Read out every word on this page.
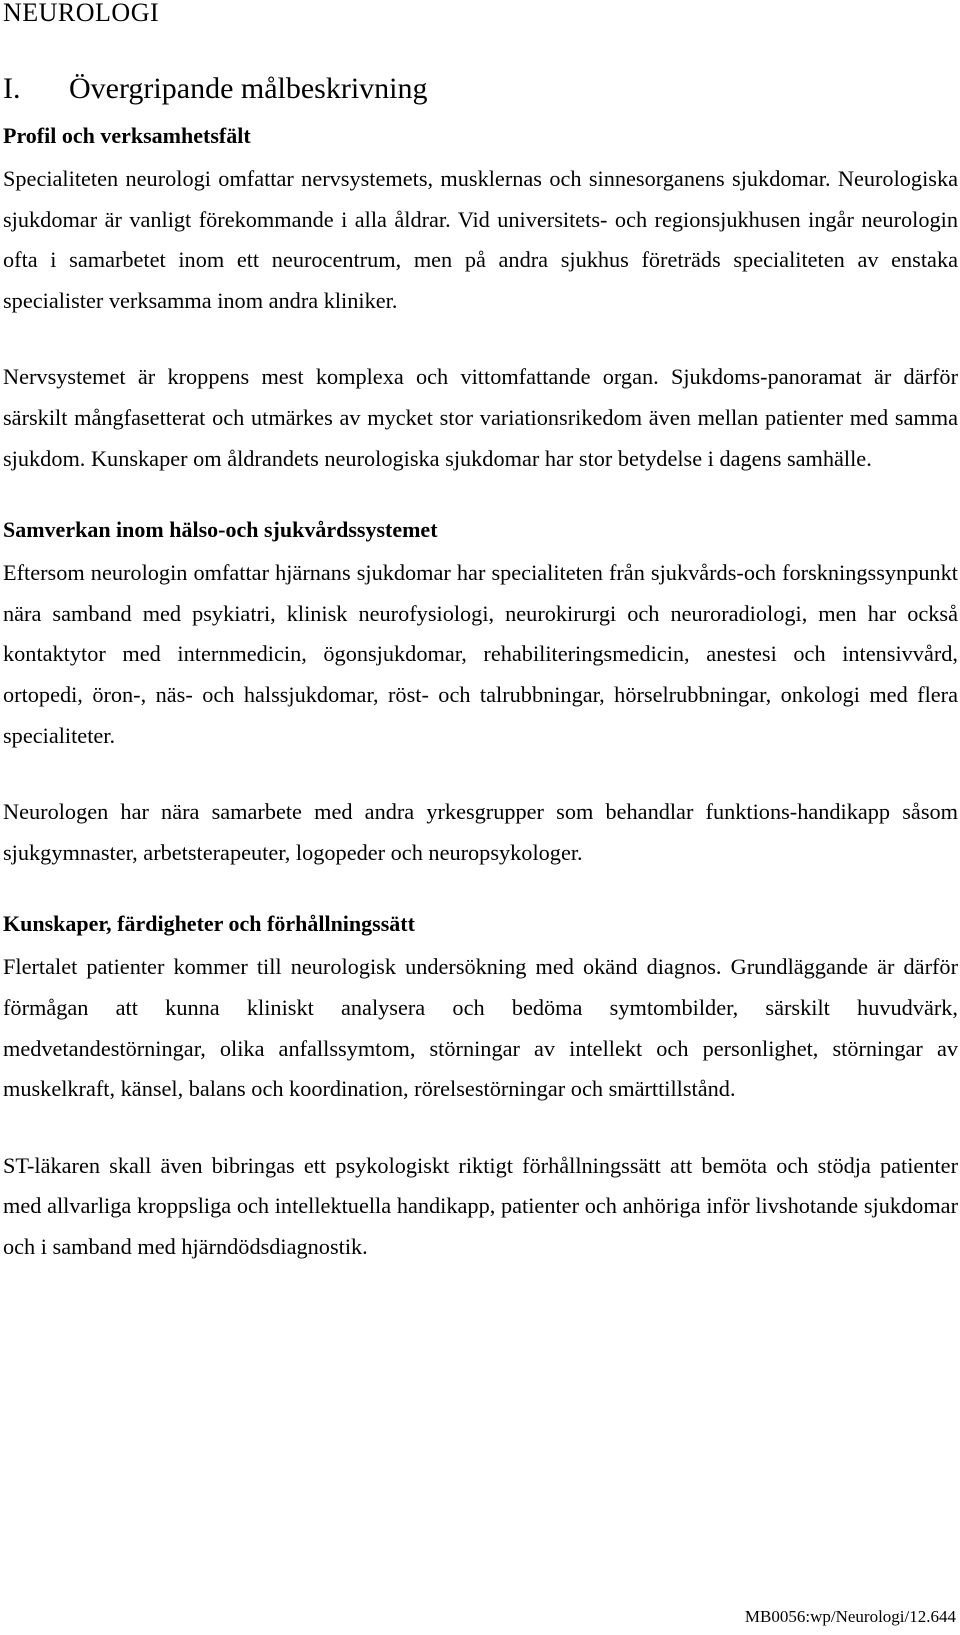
NEUROLOGI
I. Övergripande målbeskrivning
Profil och verksamhetsfält

Specialiteten neurologi omfattar nervsystemets, musklernas och sinnesorganens sjukdomar. Neurologiska sjukdomar är vanligt förekommande i alla åldrar. Vid universitets- och regionsjukhusen ingår neurologin ofta i samarbetet inom ett neurocentrum, men på andra sjukhus företräds specialiteten av enstaka specialister verksamma inom andra kliniker.

Nervsystemet är kroppens mest komplexa och vittomfattande organ. Sjukdoms-panoramat är därför särskilt mångfasetterat och utmärkes av mycket stor variationsrikedom även mellan patienter med samma sjukdom. Kunskaper om åldrandets neurologiska sjukdomar har stor betydelse i dagens samhälle.

Samverkan inom hälso-och sjukvårdssystemet

Eftersom neurologin omfattar hjärnans sjukdomar har specialiteten från sjukvårds-och forskningssynpunkt nära samband med psykiatri, klinisk neurofysiologi, neurokirurgi och neuroradiologi, men har också kontaktytor med internmedicin, ögonsjukdomar, rehabiliteringsmedicin, anestesi och intensivvård, ortopedi, öron-, näs- och halssjukdomar, röst- och talrubbningar, hörselrubbningar, onkologi med flera specialiteter.

Neurologen har nära samarbete med andra yrkesgrupper som behandlar funktions-handikapp såsom sjukgymnaster, arbetsterapeuter, logopeder och neuropsykologer.

Kunskaper, färdigheter och förhållningssätt

Flertalet patienter kommer till neurologisk undersökning med okänd diagnos. Grundläggande är därför förmågan att kunna kliniskt analysera och bedöma symtombilder, särskilt huvudvärk, medvetandestörningar, olika anfallssymtom, störningar av intellekt och personlighet, störningar av muskelkraft, känsel, balans och koordination, rörelsestörningar och smärttillstånd.

ST-läkaren skall även bibringas ett psykologiskt riktigt förhållningssätt att bemöta och stödja patienter med allvarliga kroppsliga och intellektuella handikapp, patienter och anhöriga inför livshotande sjukdomar och i samband med hjärndödsdiagnostik.

MB0056:wp/Neurologi/12.644
